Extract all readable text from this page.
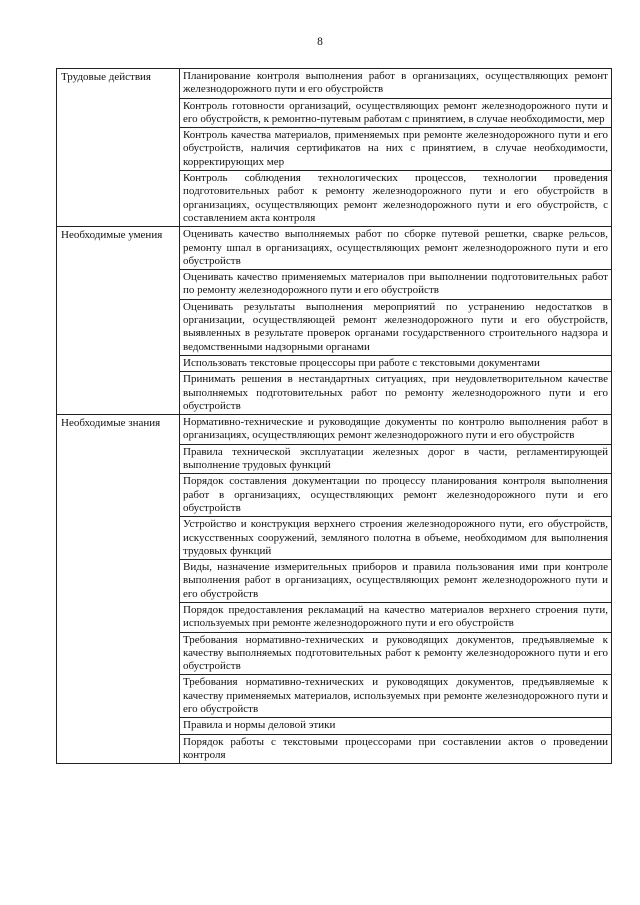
8
Трудовые действия	Планирование контроля выполнения работ в организациях, осуществляющих ремонт железнодорожного пути и его обустройств
	Контроль готовности организаций, осуществляющих ремонт железнодорожного пути и его обустройств, к ремонтно-путевым работам с принятием, в случае необходимости, мер
	Контроль качества материалов, применяемых при ремонте железнодорожного пути и его обустройств, наличия сертификатов на них с принятием, в случае необходимости, корректирующих мер
	Контроль соблюдения технологических процессов, технологии проведения подготовительных работ к ремонту железнодорожного пути и его обустройств в организациях, осуществляющих ремонт железнодорожного пути и его обустройств, с составлением акта контроля
Необходимые умения	Оценивать качество выполняемых работ по сборке путевой решетки, сварке рельсов, ремонту шпал в организациях, осуществляющих ремонт железнодорожного пути и его обустройств
	Оценивать качество применяемых материалов при выполнении подготовительных работ по ремонту железнодорожного пути и его обустройств
	Оценивать результаты выполнения мероприятий по устранению недостатков в организации, осуществляющей ремонт железнодорожного пути и его обустройств, выявленных в результате проверок органами государственного строительного надзора и ведомственными надзорными органами
	Использовать текстовые процессоры при работе с текстовыми документами
	Принимать решения в нестандартных ситуациях, при неудовлетворительном качестве выполняемых подготовительных работ по ремонту железнодорожного пути и его обустройств
Необходимые знания	Нормативно-технические и руководящие документы по контролю выполнения работ в организациях, осуществляющих ремонт железнодорожного пути и его обустройств
	Правила технической эксплуатации железных дорог в части, регламентирующей выполнение трудовых функций
	Порядок составления документации по процессу планирования контроля выполнения работ в организациях, осуществляющих ремонт железнодорожного пути и его обустройств
	Устройство и конструкция верхнего строения железнодорожного пути, его обустройств, искусственных сооружений, земляного полотна в объеме, необходимом для выполнения трудовых функций
	Виды, назначение измерительных приборов и правила пользования ими при контроле выполнения работ в организациях, осуществляющих ремонт железнодорожного пути и его обустройств
	Порядок предоставления рекламаций на качество материалов верхнего строения пути, используемых при ремонте железнодорожного пути и его обустройств
	Требования нормативно-технических и руководящих документов, предъявляемые к качеству выполняемых подготовительных работ к ремонту железнодорожного пути и его обустройств
	Требования нормативно-технических и руководящих документов, предъявляемые к качеству применяемых материалов, используемых при ремонте железнодорожного пути и его обустройств
	Правила и нормы деловой этики
	Порядок работы с текстовыми процессорами при составлении актов о проведении контроля
